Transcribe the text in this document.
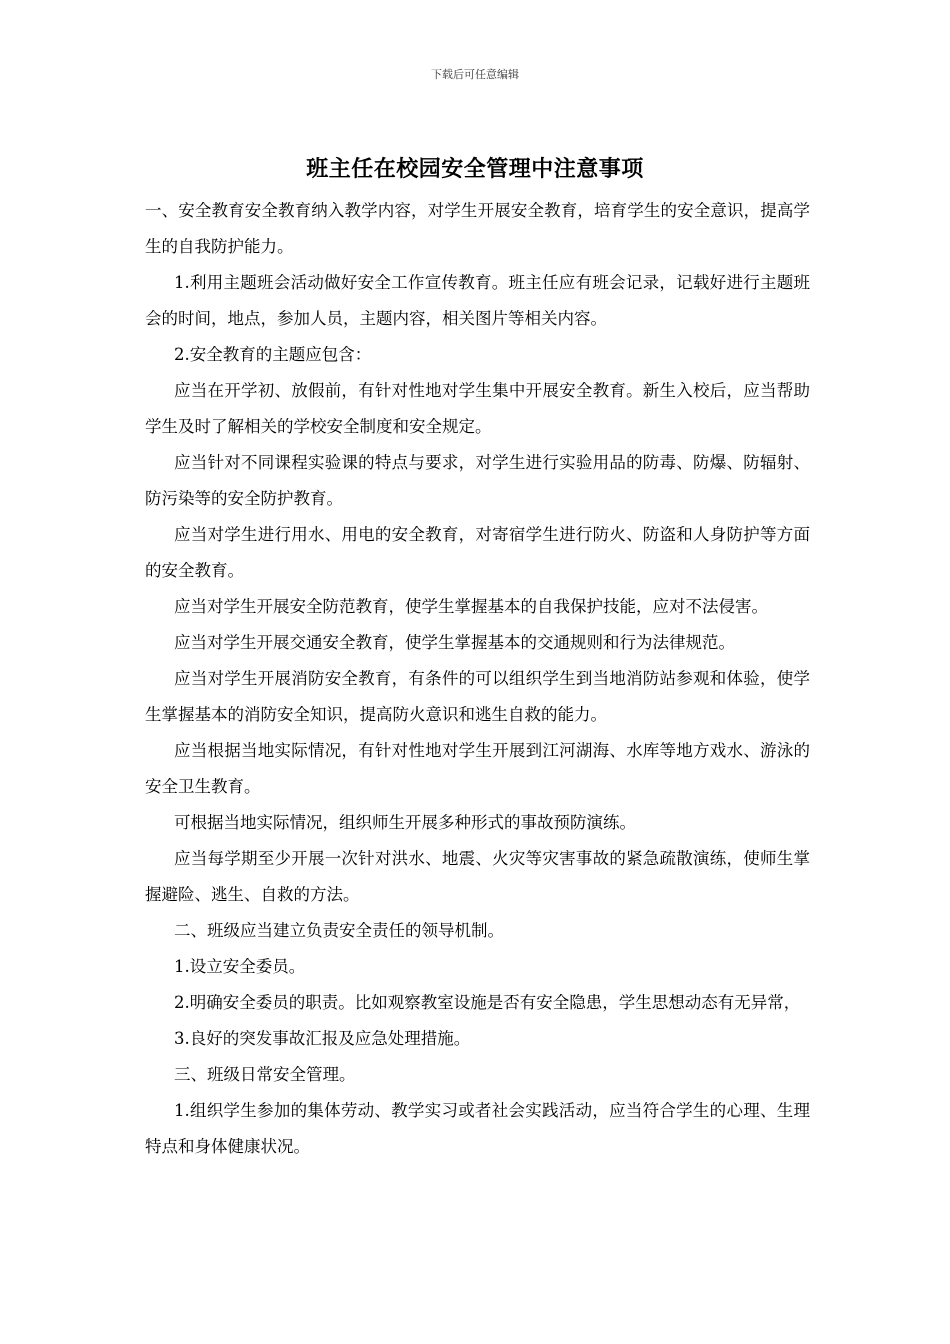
下载后可任意编辑
班主任在校园安全管理中注意事项

一、安全教育安全教育纳入教学内容，对学生开展安全教育，培育学生的安全意识，提高学生的自我防护能力。

1.利用主题班会活动做好安全工作宣传教育。班主任应有班会记录，记载好进行主题班会的时间，地点，参加人员，主题内容，相关图片等相关内容。

2.安全教育的主题应包含：

应当在开学初、放假前，有针对性地对学生集中开展安全教育。新生入校后，应当帮助学生及时了解相关的学校安全制度和安全规定。

应当针对不同课程实验课的特点与要求，对学生进行实验用品的防毒、防爆、防辐射、防污染等的安全防护教育。

应当对学生进行用水、用电的安全教育，对寄宿学生进行防火、防盗和人身防护等方面的安全教育。

应当对学生开展安全防范教育，使学生掌握基本的自我保护技能，应对不法侵害。

应当对学生开展交通安全教育，使学生掌握基本的交通规则和行为法律规范。

应当对学生开展消防安全教育，有条件的可以组织学生到当地消防站参观和体验，使学生掌握基本的消防安全知识，提高防火意识和逃生自救的能力。

应当根据当地实际情况，有针对性地对学生开展到江河湖海、水库等地方戏水、游泳的安全卫生教育。

可根据当地实际情况，组织师生开展多种形式的事故预防演练。

应当每学期至少开展一次针对洪水、地震、火灾等灾害事故的紧急疏散演练，使师生掌握避险、逃生、自救的方法。

二、班级应当建立负责安全责任的领导机制。

1.设立安全委员。

2.明确安全委员的职责。比如观察教室设施是否有安全隐患，学生思想动态有无异常，

3.良好的突发事故汇报及应急处理措施。

三、班级日常安全管理。

1.组织学生参加的集体劳动、教学实习或者社会实践活动，应当符合学生的心理、生理特点和身体健康状况。
